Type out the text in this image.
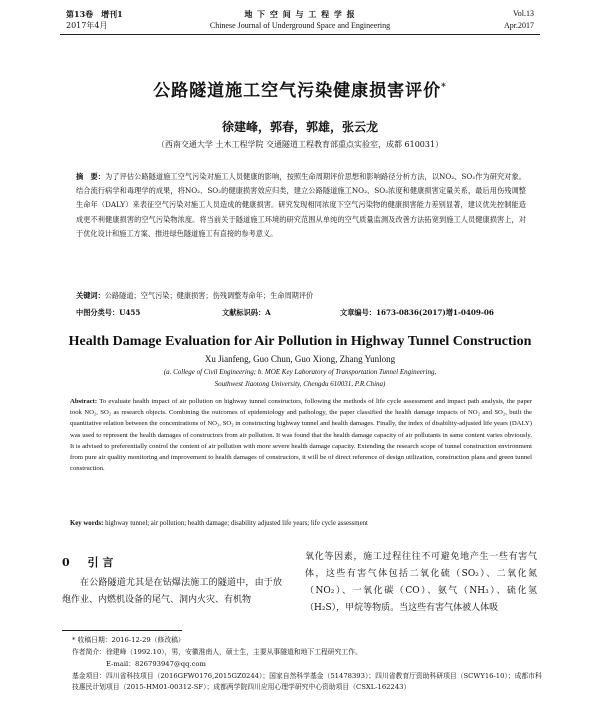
第13卷　增刊1
2017年4月
地 下 空 间 与 工 程 学 报
Chinese Journal of Underground Space and Engineering
Vol.13
Apr.2017
公路隧道施工空气污染健康损害评价*
徐建峰，郭春，郭雄，张云龙
（西南交通大学 土木工程学院 交通隧道工程教育部重点实验室，成都 610031）
摘　要：为了评估公路隧道施工空气污染对施工人员健康的影响，按照生命周期评价思想和影响路径分析方法，以NO₂、SO₂作为研究对象。结合流行病学和毒理学的成果，将NO₂、SO₂的健康损害效应归类，建立公路隧道施工NO₂、SO₂浓度和健康损害定量关系，最后用伤残调整生命年（DALY）来表征空气污染对施工人员造成的健康损害。研究发现相同浓度下空气污染物的健康损害能力差别显著，建议优先控制能造成更不利健康损害的空气污染物浓度。将当前关于隧道施工环境的研究范围从单纯的空气质量监测及改善方法拓宽到施工人员健康损害上，对于优化设计和施工方案、推进绿色隧道施工有直接的参考意义。
关键词：公路隧道；空气污染；健康损害；伤残调整寿命年；生命周期评价
中图分类号：U455	文献标识码：A	文章编号：1673-0836(2017)增1-0409-06
Health Damage Evaluation for Air Pollution in Highway Tunnel Construction
Xu Jianfeng, Guo Chun, Guo Xiong, Zhang Yunlong
(a. College of Civil Engineering; b. MOE Key Laboratory of Transportation Tunnel Engineering,
Southwest Jiaotong University, Chengdu 610031, P.R.China)
Abstract: To evaluate health impact of air pollution on highway tunnel constructors, following the methods of life cycle assessment and impact path analysis, the paper took NO₂, SO₂ as research objects. Combining the outcomes of epidemiology and pathology, the paper classified the health damage impacts of NO₂ and SO₂, built the quantitative relation between the concentrations of NO₂, SO₂ in constructing highway tunnel and health damages. Finally, the index of disability-adjusted life years (DALY) was used to represent the health damages of constructors from air pollution. It was found that the health damage capacity of air pollutants in same content varies obviously. It is advised to preferentially control the content of air pollution with more severe health damage capacity. Extending the research scope of tunnel construction environment from pure air quality monitoring and improvement to health damages of constructors, it will be of direct reference of design utilization, construction plans and green tunnel construction.
Key words: highway tunnel; air pollution; health damage; disability adjusted life years; life cycle assessment
0 引 言
在公路隧道尤其是在钻爆法施工的隧道中，由于放炮作业、内燃机设备的尾气、洞内火灾、有机物
氧化等因素，施工过程往往不可避免地产生一些有害气体，这些有害气体包括二氧化硫（SO₂）、二氧化氮（NO₂）、一氧化碳（CO）、氨气（NH₃）、硫化氢（H₂S），甲烷等物质。当这些有害气体被人体吸
* 收稿日期：2016-12-29（修改稿）
作者简介：徐建峰（1992.10），男，安徽淮南人，硕士生，主要从事隧道和地下工程研究工作。
E-mail：826793947@qq.com
基金项目：四川省科技项目（2016GFW0176,2015GZ0244）；国家自然科学基金（51478393）；四川省教育厅资助科研项目（SCWY16-10）；成都市科技惠民计划项目（2015-HM01-00312-SF）；成都两学院四川应用心理学研究中心资助项目（CSXL-162243）
